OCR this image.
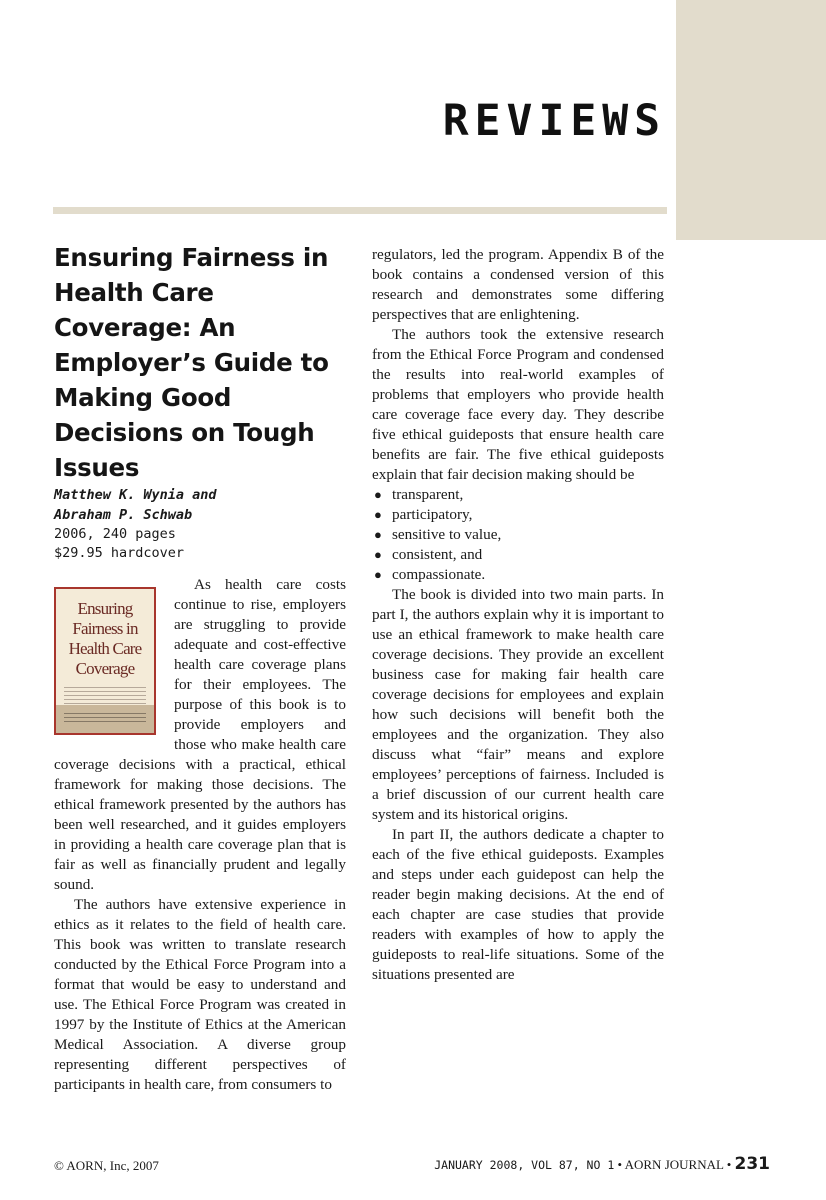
REVIEWS
Ensuring Fairness in Health Care Coverage: An Employer’s Guide to Making Good Decisions on Tough Issues

Matthew K. Wynia and
Abraham P. Schwab

2006, 240 pages
$29.95 hardcover

Ensuring Fairness in Health Care Coverage

As health care costs continue to rise, employers are struggling to provide adequate and cost-effective health care coverage plans for their employees. The purpose of this book is to provide employers and those who make health care coverage decisions with a practical, ethical framework for making those decisions. The ethical framework presented by the authors has been well researched, and it guides employers in providing a health care coverage plan that is fair as well as financially prudent and legally sound.

The authors have extensive experience in ethics as it relates to the field of health care. This book was written to translate research conducted by the Ethical Force Program into a format that would be easy to understand and use. The Ethical Force Program was created in 1997 by the Institute of Ethics at the American Medical Association. A diverse group representing different perspectives of participants in health care, from consumers to

regulators, led the program. Appendix B of the book contains a condensed version of this research and demonstrates some differing perspectives that are enlightening.

The authors took the extensive research from the Ethical Force Program and condensed the results into real-world examples of problems that employers who provide health care coverage face every day. They describe five ethical guideposts that ensure health care benefits are fair. The five ethical guideposts explain that fair decision making should be

● transparent,
● participatory,
● sensitive to value,
● consistent, and
● compassionate.

The book is divided into two main parts. In part I, the authors explain why it is important to use an ethical framework to make health care coverage decisions. They provide an excellent business case for making fair health care coverage decisions for employees and explain how such decisions will benefit both the employees and the organization. They also discuss what “fair” means and explore employees’ perceptions of fairness. Included is a brief discussion of our current health care system and its historical origins.

In part II, the authors dedicate a chapter to each of the five ethical guideposts. Examples and steps under each guidepost can help the reader begin making decisions. At the end of each chapter are case studies that provide readers with examples of how to apply the guideposts to real-life situations. Some of the situations presented are

© AORN, Inc, 2007	JANUARY 2008, VOL 87, NO 1 • AORN JOURNAL • 231
